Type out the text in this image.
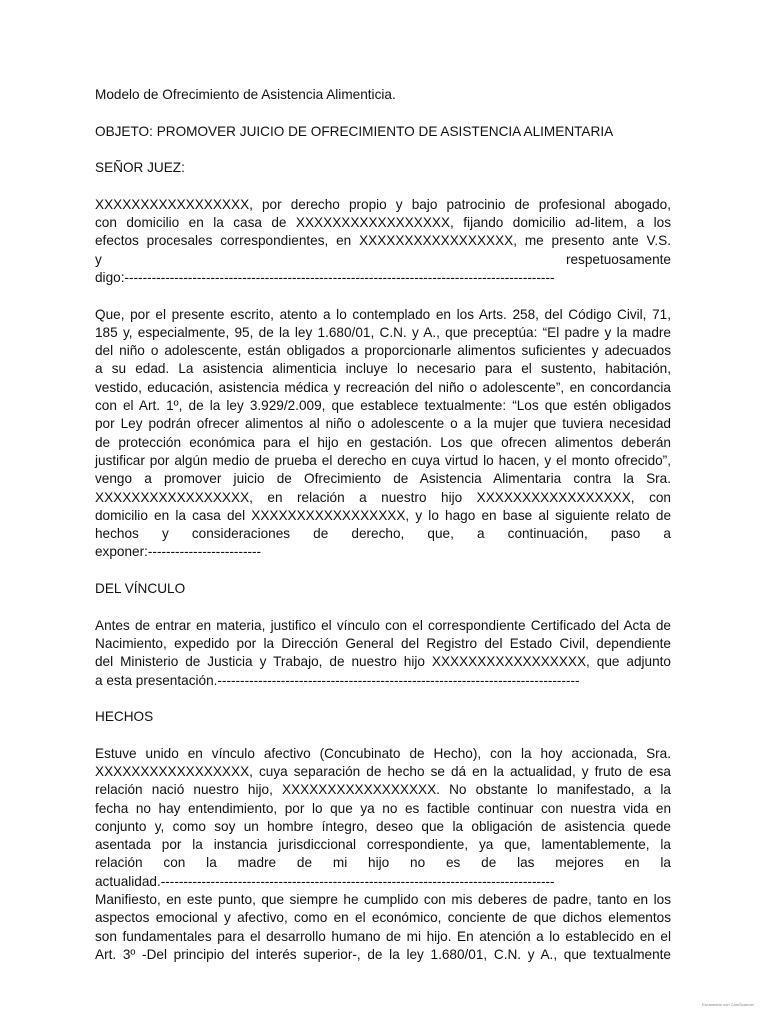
Modelo de Ofrecimiento de Asistencia Alimenticia.
OBJETO: PROMOVER JUICIO DE OFRECIMIENTO DE ASISTENCIA ALIMENTARIA
SEÑOR JUEZ:
XXXXXXXXXXXXXXXXX, por derecho propio y bajo patrocinio de profesional abogado,
con domicilio en la casa de XXXXXXXXXXXXXXXXX, fijando domicilio ad-litem, a los
efectos procesales correspondientes, en XXXXXXXXXXXXXXXXX, me presento ante V.S.
y	respetuosamente
digo:-----------------------------------------------------------------------------------------------
Que, por el presente escrito, atento a lo contemplado en los Arts. 258, del Código Civil, 71,
185 y, especialmente, 95, de la ley 1.680/01, C.N. y A., que preceptúa: “El padre y la madre
del niño o adolescente, están obligados a proporcionarle alimentos suficientes y adecuados
a su edad. La asistencia alimenticia incluye lo necesario para el sustento, habitación,
vestido, educación, asistencia médica y recreación del niño o adolescente”, en concordancia
con el Art. 1º, de la ley 3.929/2.009, que establece textualmente: “Los que estén obligados
por Ley podrán ofrecer alimentos al niño o adolescente o a la mujer que tuviera necesidad
de protección económica para el hijo en gestación. Los que ofrecen alimentos deberán
justificar por algún medio de prueba el derecho en cuya virtud lo hacen, y el monto ofrecido”,
vengo a promover juicio de Ofrecimiento de Asistencia Alimentaria contra la Sra.
XXXXXXXXXXXXXXXXX, en relación a nuestro hijo XXXXXXXXXXXXXXXXX, con
domicilio en la casa del XXXXXXXXXXXXXXXXX, y lo hago en base al siguiente relato de
hechos y consideraciones de derecho, que, a continuación, paso a
exponer:-------------------------
DEL VÍNCULO
Antes de entrar en materia, justifico el vínculo con el correspondiente Certificado del Acta de
Nacimiento, expedido por la Dirección General del Registro del Estado Civil, dependiente
del Ministerio de Justicia y Trabajo, de nuestro hijo XXXXXXXXXXXXXXXXX, que adjunto
a esta presentación.--------------------------------------------------------------------------------
HECHOS
Estuve unido en vínculo afectivo (Concubinato de Hecho), con la hoy accionada, Sra.
XXXXXXXXXXXXXXXXX, cuya separación de hecho se dá en la actualidad, y fruto de esa
relación nació nuestro hijo, XXXXXXXXXXXXXXXXX. No obstante lo manifestado, a la
fecha no hay entendimiento, por lo que ya no es factible continuar con nuestra vida en
conjunto y, como soy un hombre íntegro, deseo que la obligación de asistencia quede
asentada por la instancia jurisdiccional correspondiente, ya que, lamentablemente, la
relación con la madre de mi hijo no es de las mejores en la
actualidad.---------------------------------------------------------------------------------------
Manifiesto, en este punto, que siempre he cumplido con mis deberes de padre, tanto en los
aspectos emocional y afectivo, como en el económico, conciente de que dichos elementos
son fundamentales para el desarrollo humano de mi hijo. En atención a lo establecido en el
Art. 3º -Del principio del interés superior-, de la ley 1.680/01, C.N. y A., que textualmente
Escaneado con CamScanner
